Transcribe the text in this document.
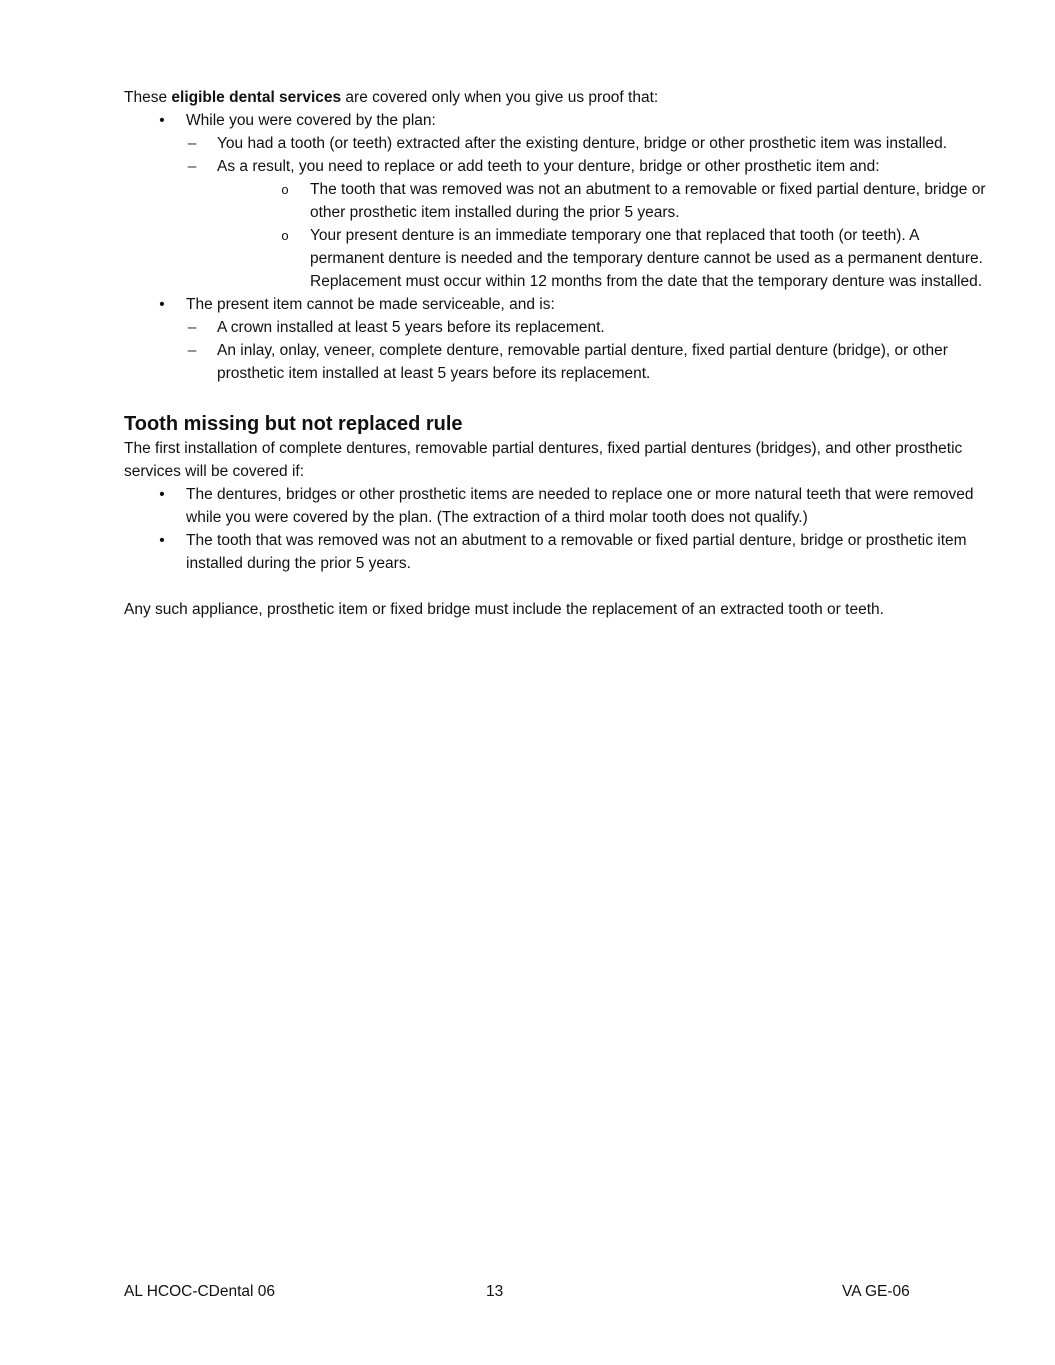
These eligible dental services are covered only when you give us proof that:

• While you were covered by the plan:
– You had a tooth (or teeth) extracted after the existing denture, bridge or other prosthetic item was installed.
– As a result, you need to replace or add teeth to your denture, bridge or other prosthetic item and:
o The tooth that was removed was not an abutment to a removable or fixed partial denture, bridge or other prosthetic item installed during the prior 5 years.
o Your present denture is an immediate temporary one that replaced that tooth (or teeth). A permanent denture is needed and the temporary denture cannot be used as a permanent denture. Replacement must occur within 12 months from the date that the temporary denture was installed.
• The present item cannot be made serviceable, and is:
– A crown installed at least 5 years before its replacement.
– An inlay, onlay, veneer, complete denture, removable partial denture, fixed partial denture (bridge), or other prosthetic item installed at least 5 years before its replacement.

Tooth missing but not replaced rule

The first installation of complete dentures, removable partial dentures, fixed partial dentures (bridges), and other prosthetic services will be covered if:

• The dentures, bridges or other prosthetic items are needed to replace one or more natural teeth that were removed while you were covered by the plan. (The extraction of a third molar tooth does not qualify.)
• The tooth that was removed was not an abutment to a removable or fixed partial denture, bridge or prosthetic item installed during the prior 5 years.

Any such appliance, prosthetic item or fixed bridge must include the replacement of an extracted tooth or teeth.

AL HCOC-CDental 06	13	VA GE-06
